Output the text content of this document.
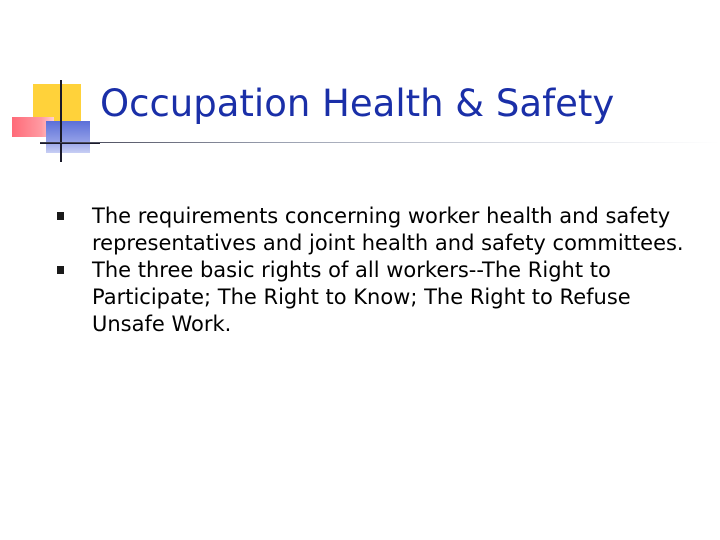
Occupation Health & Safety
The requirements concerning worker health and safety representatives and joint health and safety committees.
The three basic rights of all workers--The Right to Participate; The Right to Know; The Right to Refuse Unsafe Work.
